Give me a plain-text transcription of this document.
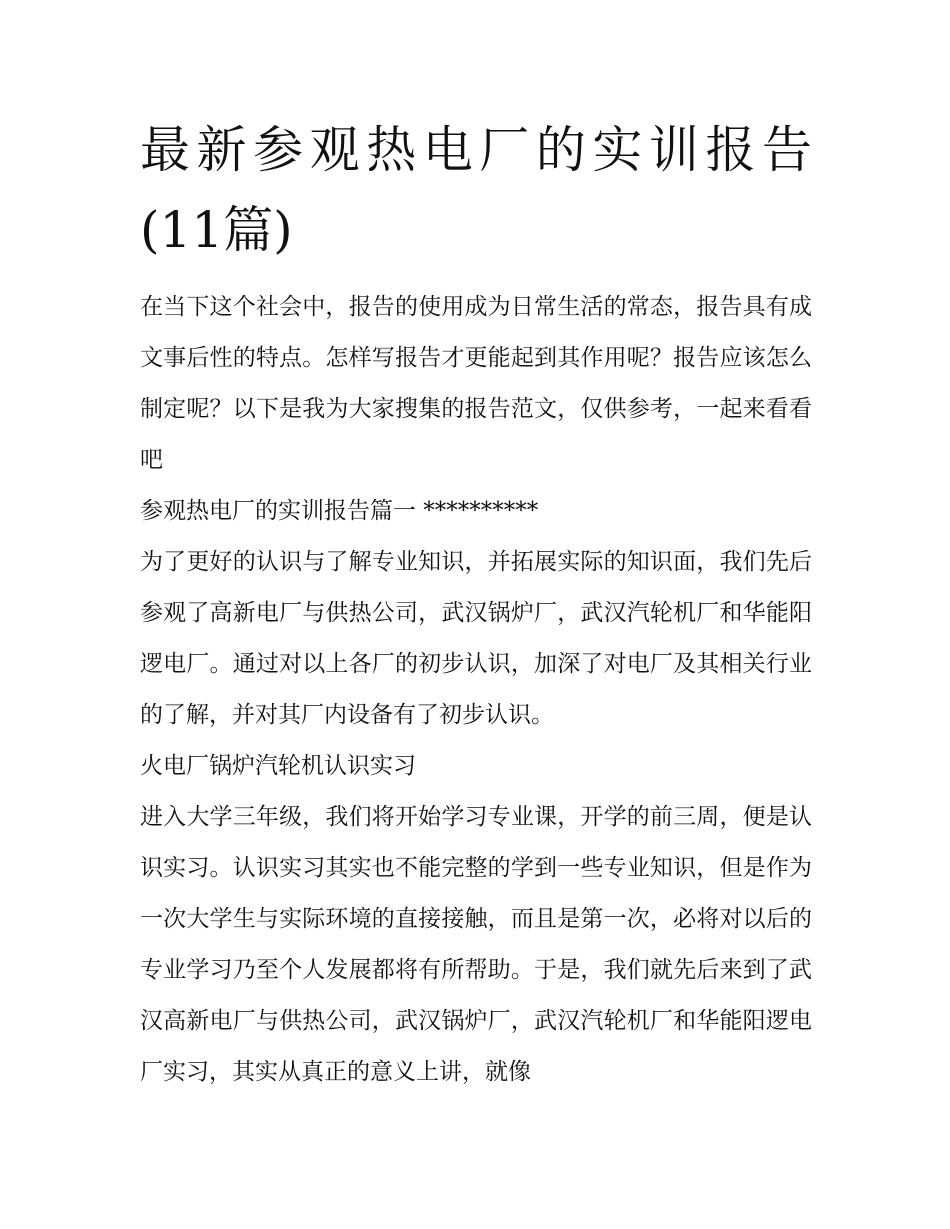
最新参观热电厂的实训报告(11篇)

在当下这个社会中，报告的使用成为日常生活的常态，报告具有成文事后性的特点。怎样写报告才更能起到其作用呢？报告应该怎么制定呢？以下是我为大家搜集的报告范文，仅供参考，一起来看看吧

参观热电厂的实训报告篇一 **********

为了更好的认识与了解专业知识，并拓展实际的知识面，我们先后参观了高新电厂与供热公司，武汉锅炉厂，武汉汽轮机厂和华能阳逻电厂。通过对以上各厂的初步认识，加深了对电厂及其相关行业的了解，并对其厂内设备有了初步认识。

火电厂锅炉汽轮机认识实习

进入大学三年级，我们将开始学习专业课，开学的前三周，便是认识实习。认识实习其实也不能完整的学到一些专业知识，但是作为一次大学生与实际环境的直接接触，而且是第一次，必将对以后的专业学习乃至个人发展都将有所帮助。于是，我们就先后来到了武汉高新电厂与供热公司，武汉锅炉厂，武汉汽轮机厂和华能阳逻电厂实习，其实从真正的意义上讲，就像
